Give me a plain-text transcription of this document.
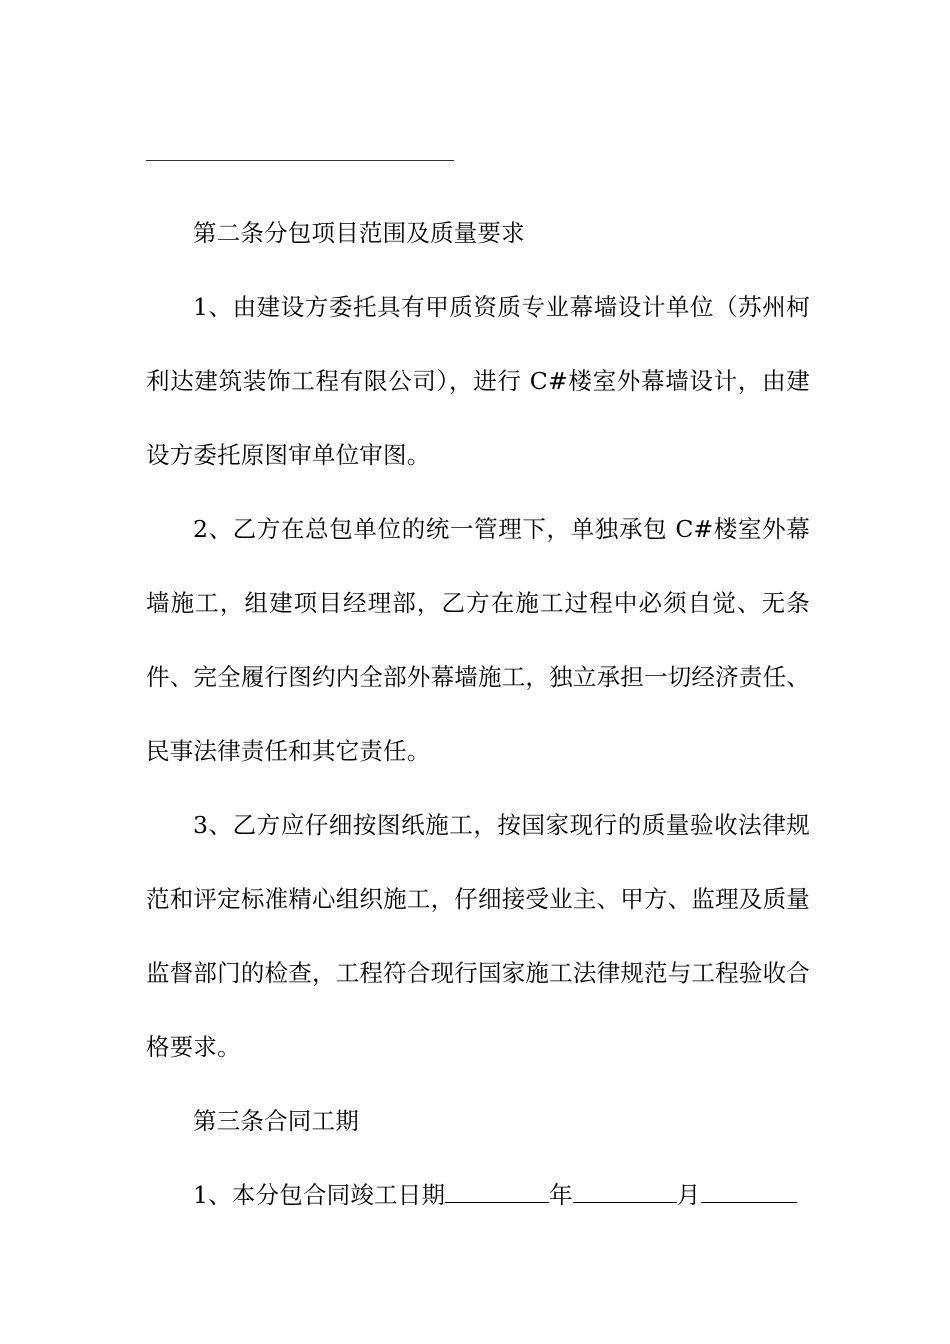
第二条分包项目范围及质量要求

1、由建设方委托具有甲质资质专业幕墙设计单位（苏州柯利达建筑装饰工程有限公司），进行 C#楼室外幕墙设计，由建设方委托原图审单位审图。

2、乙方在总包单位的统一管理下，单独承包 C#楼室外幕墙施工，组建项目经理部，乙方在施工过程中必须自觉、无条件、完全履行图约内全部外幕墙施工，独立承担一切经济责任、民事法律责任和其它责任。

3、乙方应仔细按图纸施工，按国家现行的质量验收法律规范和评定标准精心组织施工，仔细接受业主、甲方、监理及质量监督部门的检查，工程符合现行国家施工法律规范与工程验收合格要求。

第三条合同工期

1、本分包合同竣工日期	年	月
